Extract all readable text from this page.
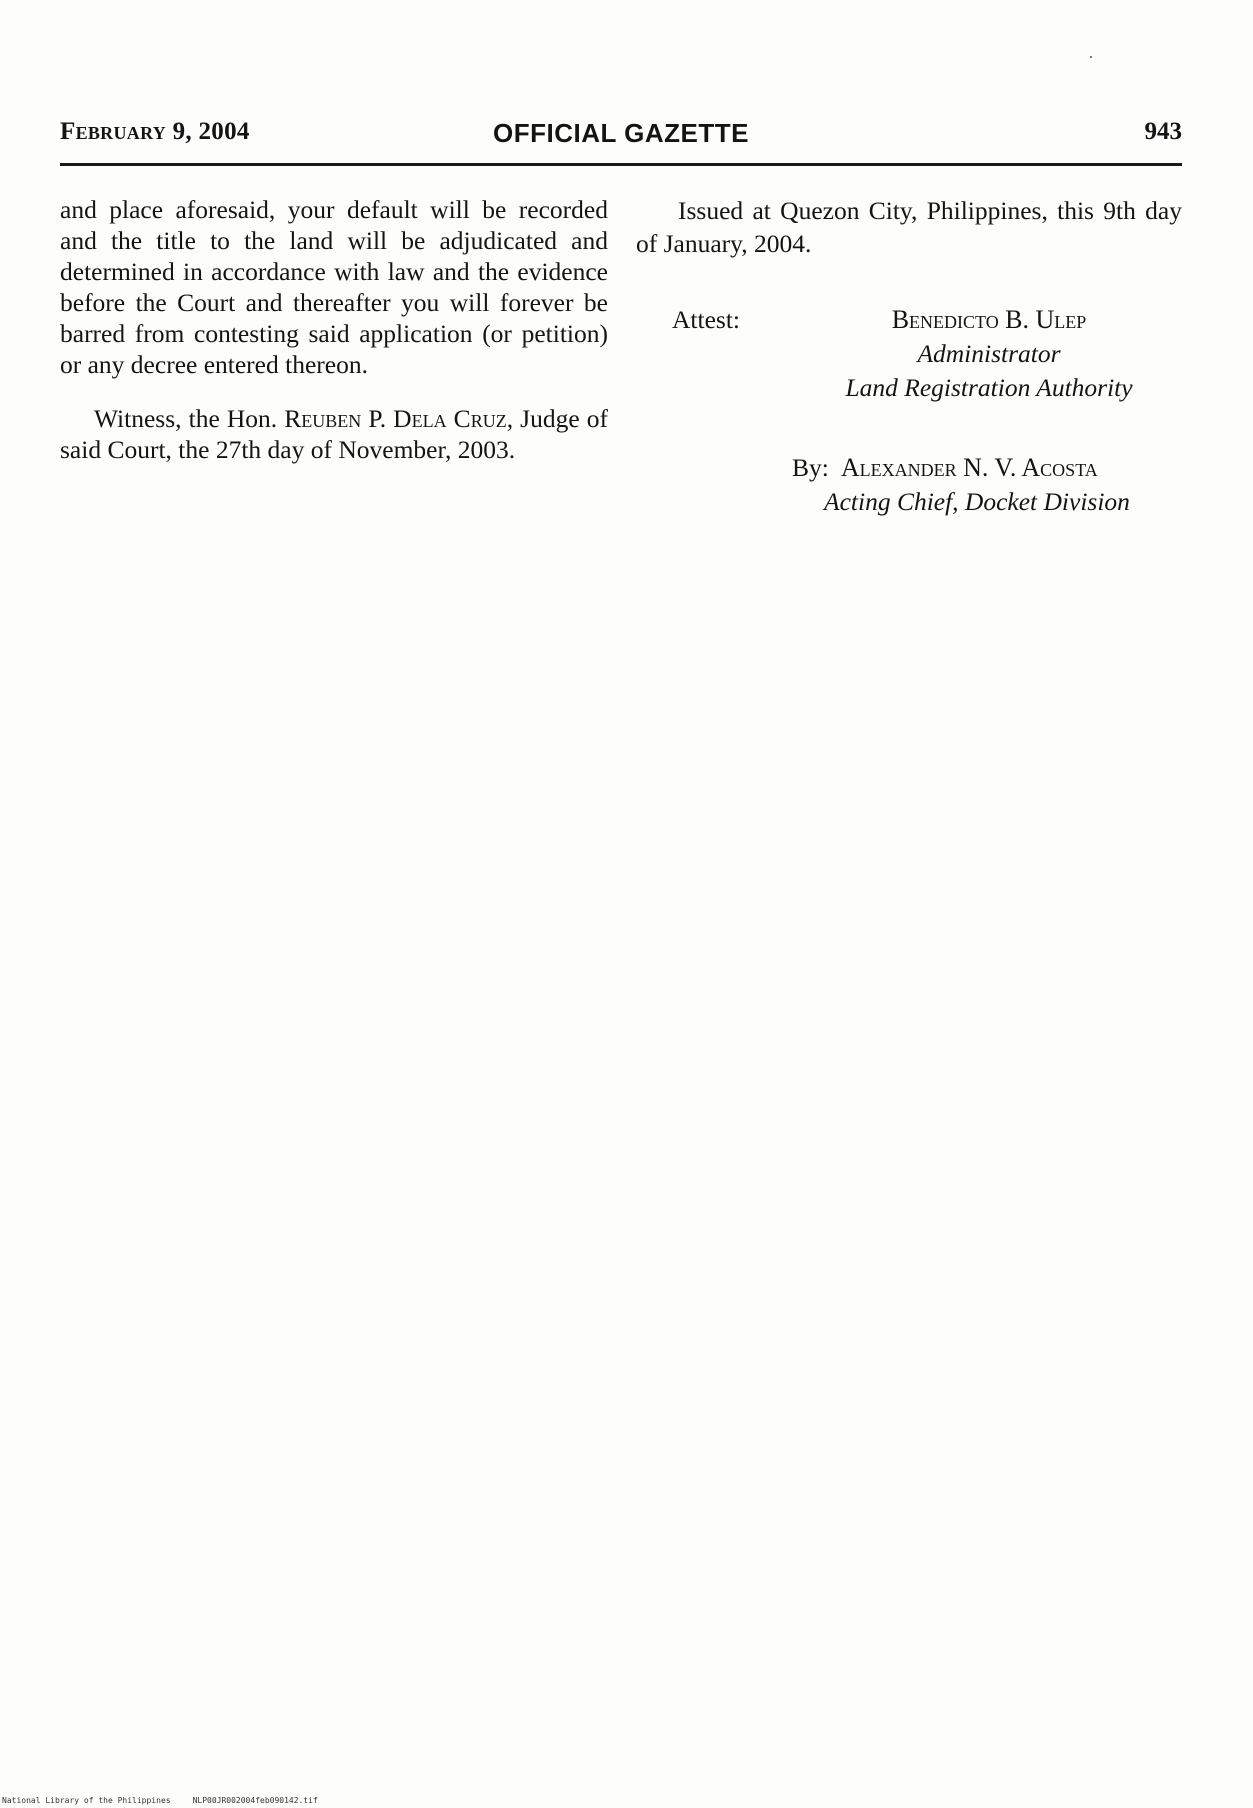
February 9, 2004	OFFICIAL GAZETTE	943

and place aforesaid, your default will be recorded and the title to the land will be adjudicated and determined in accordance with law and the evidence before the Court and thereafter you will forever be barred from contesting said application (or petition) or any decree entered thereon.

Witness, the Hon. Reuben P. Dela Cruz, Judge of said Court, the 27th day of November, 2003.

Issued at Quezon City, Philippines, this 9th day of January, 2004.

Attest:	Benedicto B. Ulep
Administrator
Land Registration Authority
By: Alexander N. V. Acosta
Acting Chief, Docket Division
National Library of the Philippines	NLP00JR002004feb090142.tif
